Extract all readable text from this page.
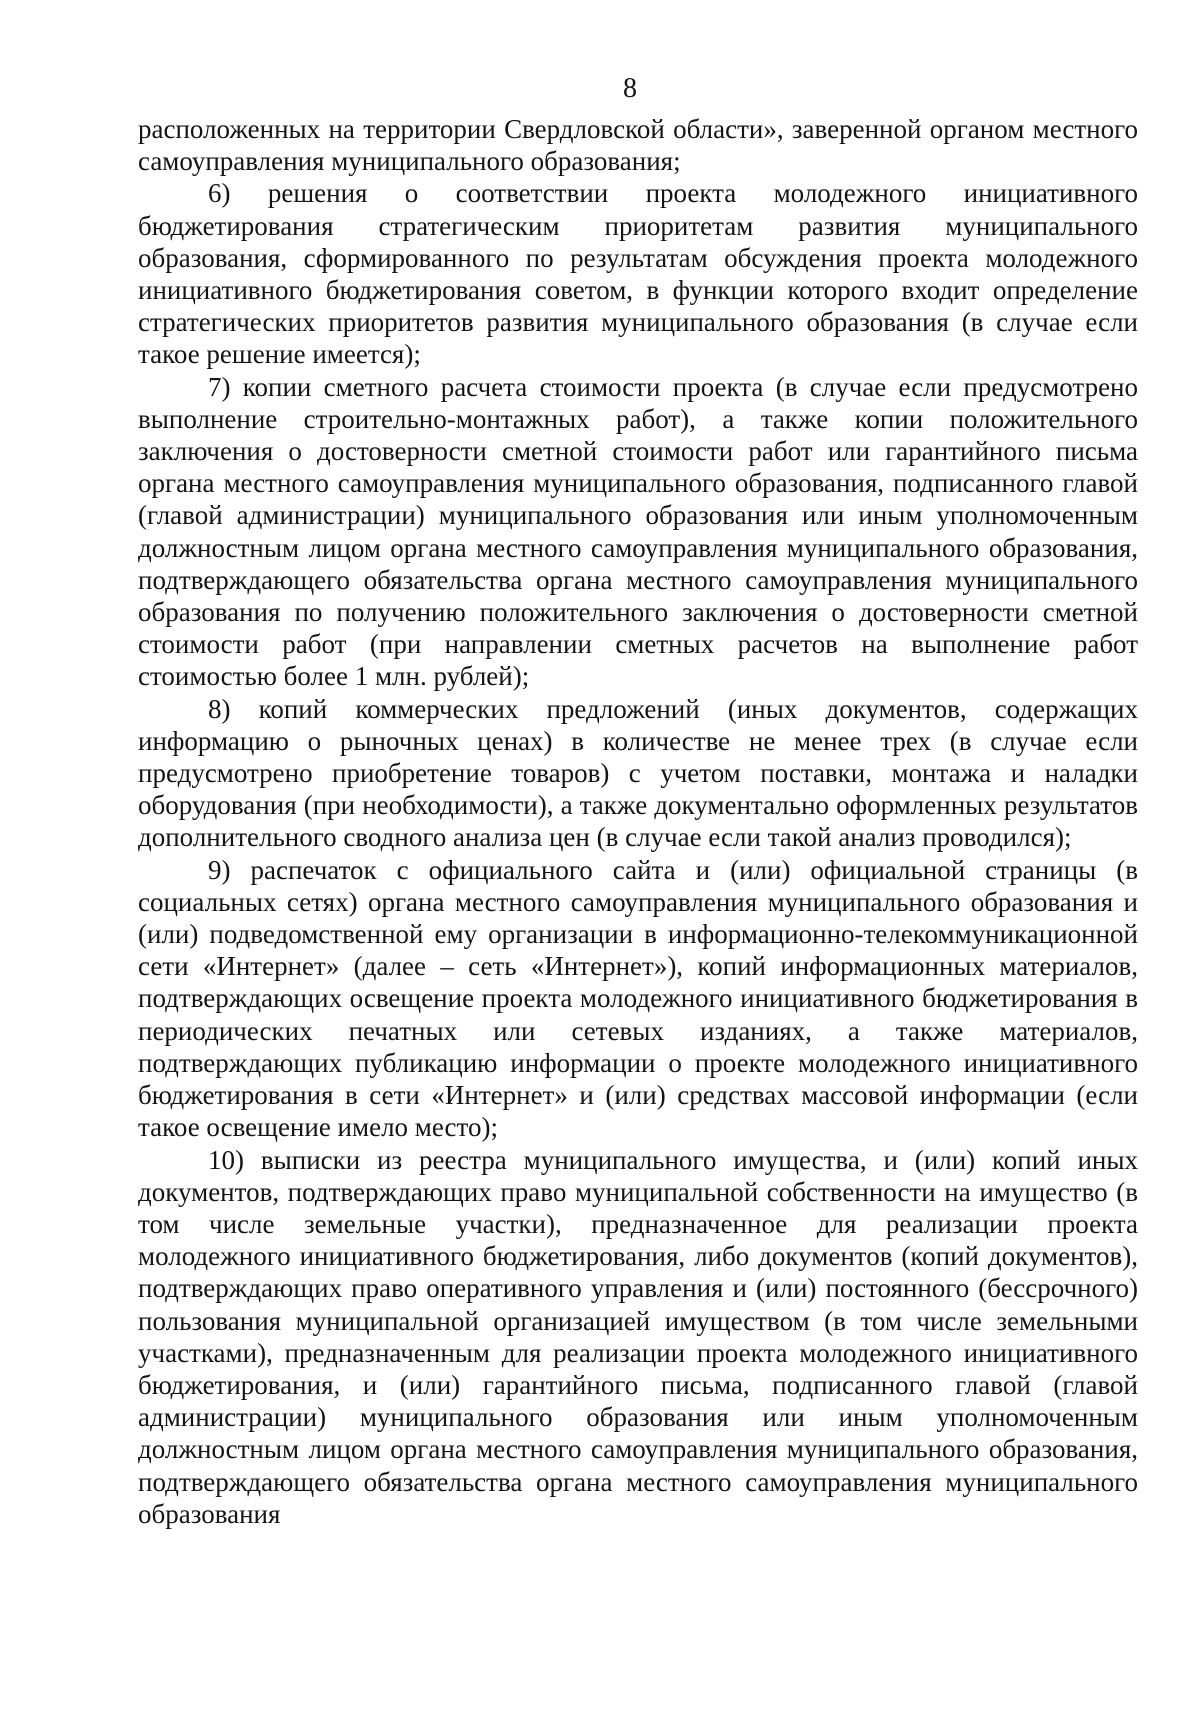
8

расположенных на территории Свердловской области», заверенной органом местного самоуправления муниципального образования;

6) решения о соответствии проекта молодежного инициативного бюджетирования стратегическим приоритетам развития муниципального образования, сформированного по результатам обсуждения проекта молодежного инициативного бюджетирования советом, в функции которого входит определение стратегических приоритетов развития муниципального образования (в случае если такое решение имеется);

7) копии сметного расчета стоимости проекта (в случае если предусмотрено выполнение строительно-монтажных работ), а также копии положительного заключения о достоверности сметной стоимости работ или гарантийного письма органа местного самоуправления муниципального образования, подписанного главой (главой администрации) муниципального образования или иным уполномоченным должностным лицом органа местного самоуправления муниципального образования, подтверждающего обязательства органа местного самоуправления муниципального образования по получению положительного заключения о достоверности сметной стоимости работ (при направлении сметных расчетов на выполнение работ стоимостью более 1 млн. рублей);

8) копий коммерческих предложений (иных документов, содержащих информацию о рыночных ценах) в количестве не менее трех (в случае если предусмотрено приобретение товаров) с учетом поставки, монтажа и наладки оборудования (при необходимости), а также документально оформленных результатов дополнительного сводного анализа цен (в случае если такой анализ проводился);

9) распечаток с официального сайта и (или) официальной страницы (в социальных сетях) органа местного самоуправления муниципального образования и (или) подведомственной ему организации в информационно-телекоммуникационной сети «Интернет» (далее – сеть «Интернет»), копий информационных материалов, подтверждающих освещение проекта молодежного инициативного бюджетирования в периодических печатных или сетевых изданиях, а также материалов, подтверждающих публикацию информации о проекте молодежного инициативного бюджетирования в сети «Интернет» и (или) средствах массовой информации (если такое освещение имело место);

10) выписки из реестра муниципального имущества, и (или) копий иных документов, подтверждающих право муниципальной собственности на имущество (в том числе земельные участки), предназначенное для реализации проекта молодежного инициативного бюджетирования, либо документов (копий документов), подтверждающих право оперативного управления и (или) постоянного (бессрочного) пользования муниципальной организацией имуществом (в том числе земельными участками), предназначенным для реализации проекта молодежного инициативного бюджетирования, и (или) гарантийного письма, подписанного главой (главой администрации) муниципального образования или иным уполномоченным должностным лицом органа местного самоуправления муниципального образования, подтверждающего обязательства органа местного самоуправления муниципального образования
